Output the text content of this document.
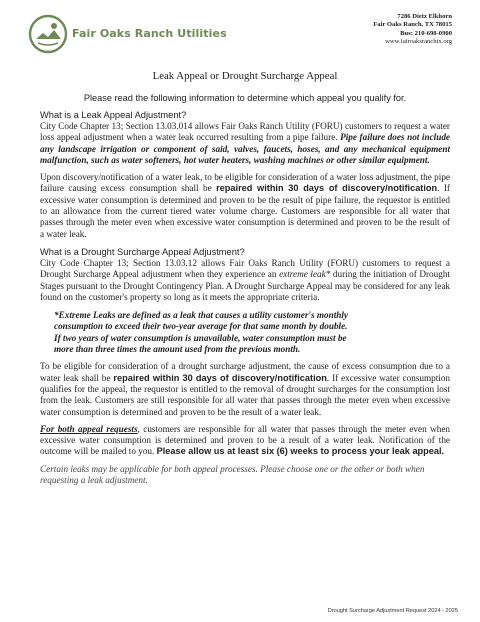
Fair Oaks Ranch Utilities
7286 Dietz Elkhorn
Fair Oaks Ranch, TX 78015
Bus: 210-698-0900
www.fairoaksranchtx.org
Leak Appeal or Drought Surcharge Appeal
Please read the following information to determine which appeal you qualify for.
What is a Leak Appeal Adjustment?

City Code Chapter 13; Section 13.03.014 allows Fair Oaks Ranch Utility (FORU) customers to request a water loss appeal adjustment when a water leak occurred resulting from a pipe failure. Pipe failure does not include any landscape irrigation or component of said, valves, faucets, hoses, and any mechanical equipment malfunction, such as water softeners, hot water heaters, washing machines or other similar equipment.

Upon discovery/notification of a water leak, to be eligible for consideration of a water loss adjustment, the pipe failure causing excess consumption shall be repaired within 30 days of discovery/notification. If excessive water consumption is determined and proven to be the result of pipe failure, the requestor is entitled to an allowance from the current tiered water volume charge. Customers are responsible for all water that passes through the meter even when excessive water consumption is determined and proven to be the result of a water leak.

What is a Drought Surcharge Appeal Adjustment?

City Code Chapter 13; Section 13.03.12 allows Fair Oaks Ranch Utility (FORU) customers to request a Drought Surcharge Appeal adjustment when they experience an extreme leak* during the initiation of Drought Stages pursuant to the Drought Contingency Plan. A Drought Surcharge Appeal may be considered for any leak found on the customer's property so long as it meets the appropriate criteria.

*Extreme Leaks are defined as a leak that causes a utility customer's monthly
consumption to exceed their two-year average for that same month by double.
If two years of water consumption is unavailable, water consumption must be
more than three times the amount used from the previous month.

To be eligible for consideration of a drought surcharge adjustment, the cause of excess consumption due to a water leak shall be repaired within 30 days of discovery/notification. If excessive water consumption qualifies for the appeal, the requestor is entitled to the removal of drought surcharges for the consumption lost from the leak. Customers are still responsible for all water that passes through the meter even when excessive water consumption is determined and proven to be the result of a water leak.

For both appeal requests, customers are responsible for all water that passes through the meter even when excessive water consumption is determined and proven to be a result of a water leak. Notification of the outcome will be mailed to you. Please allow us at least six (6) weeks to process your leak appeal.

Certain leaks may be applicable for both appeal processes. Please choose one or the other or both when requesting a leak adjustment.

Drought Surcharge Adjustment Request 2024 - 2025
